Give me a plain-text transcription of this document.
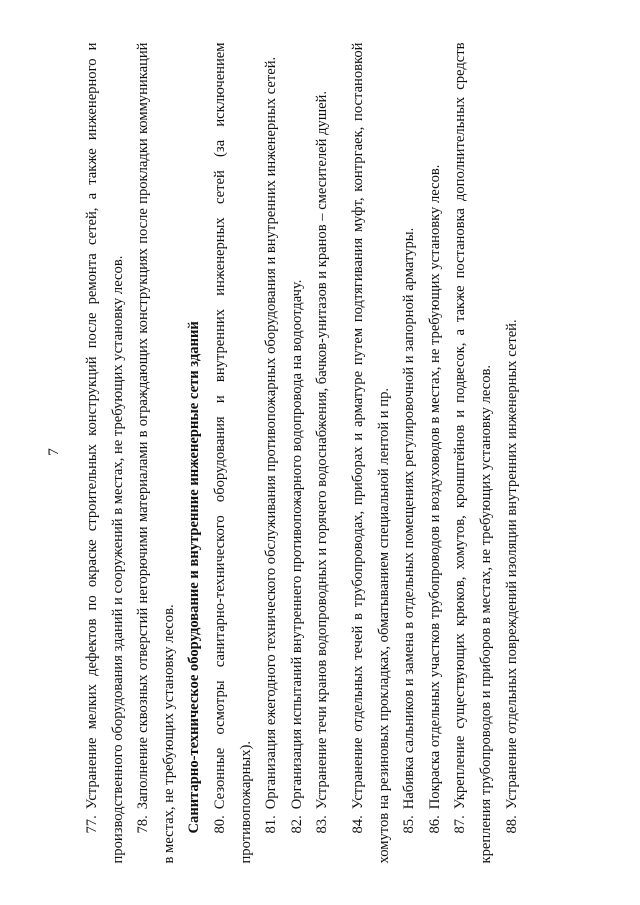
7

77.Устранение мелких дефектов по окраске строительных конструкций после ремонта сетей, а также инженерного и производственного оборудования зданий и сооружений в местах, не требующих установку лесов. 78.Заполнение сквозных отверстий негорючими материалами в ограждающих конструкциях после прокладки коммуникаций в местах, не требующих установку лесов. Санитарно-техническое оборудование и внутренние инженерные сети зданий 80.Сезонные осмотры санитарно-технического оборудования и внутренних инженерных сетей (за исключением противопожарных). 81.Организация ежегодного технического обслуживания противопожарных оборудования и внутренних инженерных сетей.

82.Организация испытаний внутреннего противопожарного водопровода на водоотдачу.

83.Устранение течи кранов водопроводных и горячего водоснабжения, бачков-унитазов и кранов – смесителей душей.

84.Устранение отдельных течей в трубопроводах, приборах и арматуре путем подтягивания муфт, контргаек, постановкой хомутов на резиновых прокладках, обматыванием специальной лентой и пр. 85.Набивка сальников и замена в отдельных помещениях регулировочной и запорной арматуры.

86.Покраска отдельных участков трубопроводов и воздуховодов в местах, не требующих установку лесов.

87.Укрепление существующих крюков, хомутов, кронштейнов и подвесок, а также постановка дополнительных средств крепления трубопроводов и приборов в местах, не требующих установку лесов. 88.Устранение отдельных повреждений изоляции внутренних инженерных сетей.
